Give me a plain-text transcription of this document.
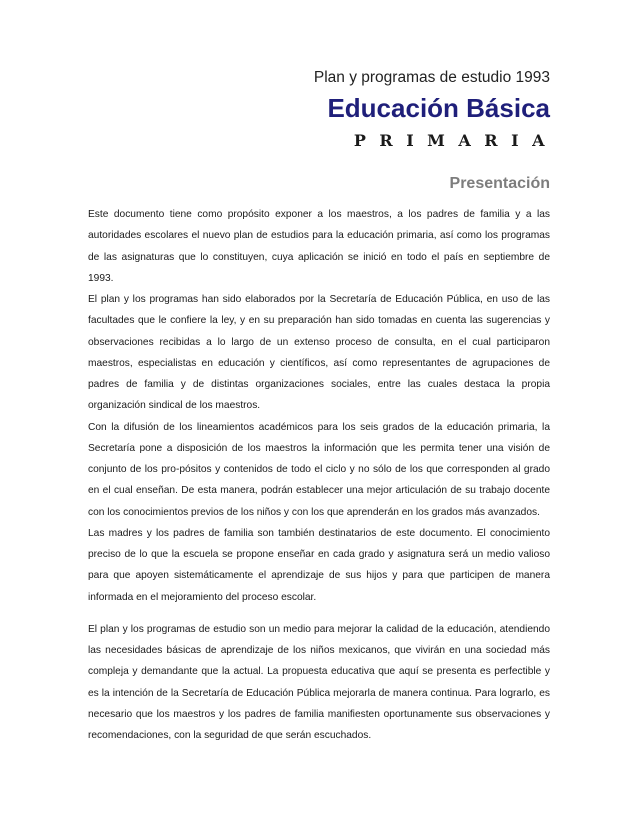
Plan y programas de estudio 1993
Educación Básica
PRIMARIA
Presentación

Este documento tiene como propósito exponer a los maestros, a los padres de familia y a las autoridades escolares el nuevo plan de estudios para la educación primaria, así como los programas de las asignaturas que lo constituyen, cuya aplicación se inició en todo el país en septiembre de 1993.

El plan y los programas han sido elaborados por la Secretaría de Educación Pública, en uso de las facultades que le confiere la ley, y en su preparación han sido tomadas en cuenta las sugerencias y observaciones recibidas a lo largo de un extenso proceso de consulta, en el cual participaron maestros, especialistas en educación y científicos, así como representantes de agrupaciones de padres de familia y de distintas organizaciones sociales, entre las cuales destaca la propia organización sindical de los maestros.

Con la difusión de los lineamientos académicos para los seis grados de la educación primaria, la Secretaría pone a disposición de los maestros la información que les permita tener una visión de conjunto de los pro-pósitos y contenidos de todo el ciclo y no sólo de los que corresponden al grado en el cual enseñan. De esta manera, podrán establecer una mejor articulación de su trabajo docente con los conocimientos previos de los niños y con los que aprenderán en los grados más avanzados.

Las madres y los padres de familia son también destinatarios de este documento. El conocimiento preciso de lo que la escuela se propone enseñar en cada grado y asignatura será un medio valioso para que apoyen sistemáticamente el aprendizaje de sus hijos y para que participen de manera informada en el mejoramiento del proceso escolar.

El plan y los programas de estudio son un medio para mejorar la calidad de la educación, atendiendo las necesidades básicas de aprendizaje de los niños mexicanos, que vivirán en una sociedad más compleja y demandante que la actual. La propuesta educativa que aquí se presenta es perfectible y es la intención de la Secretaría de Educación Pública mejorarla de manera continua. Para lograrlo, es necesario que los maestros y los padres de familia manifiesten oportunamente sus observaciones y recomendaciones, con la seguridad de que serán escuchados.
